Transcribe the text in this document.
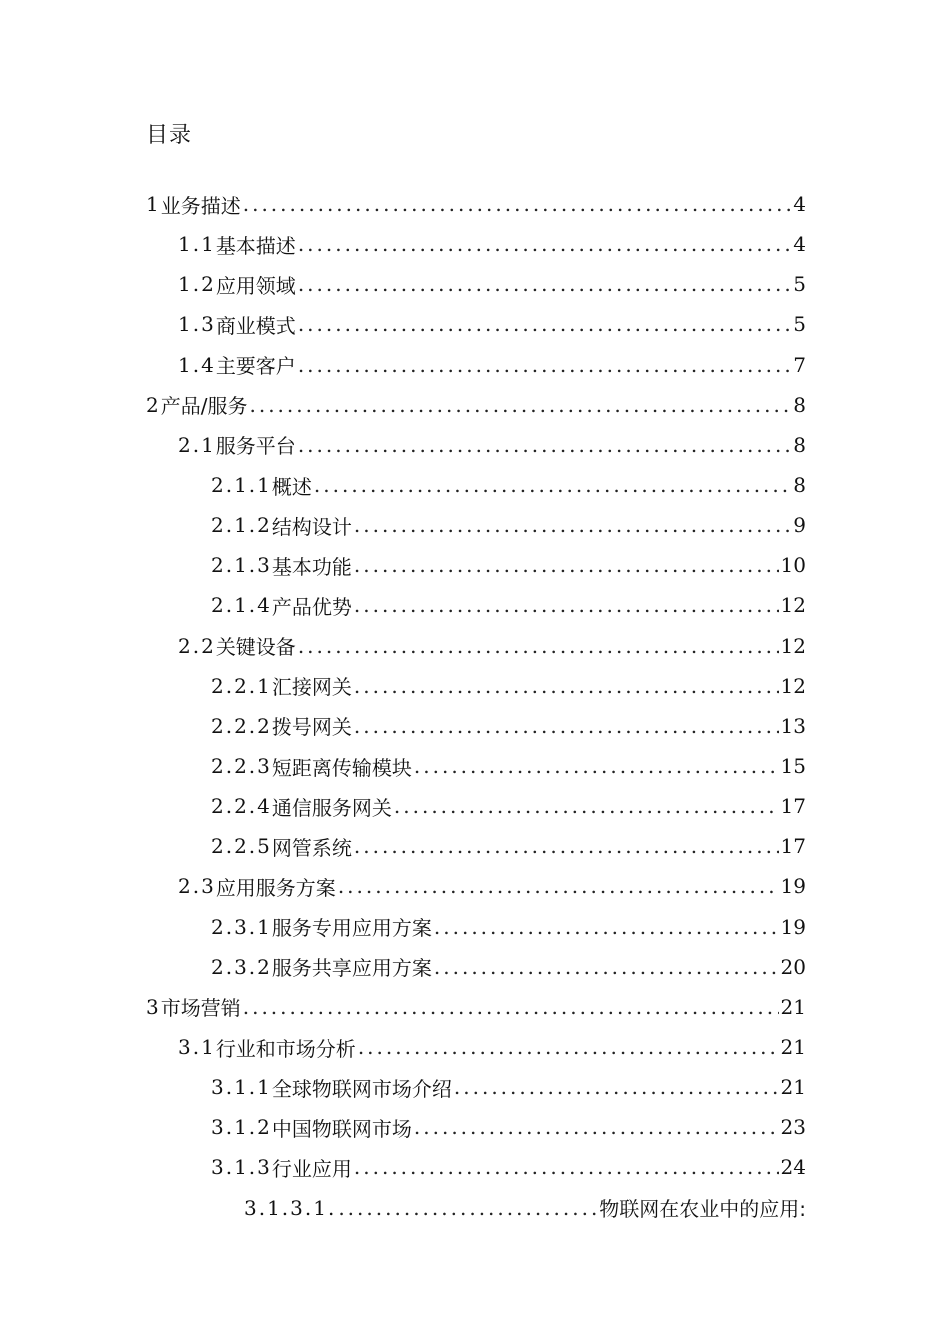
目录
1 业务描述 .....	4
1.1 基本描述 .....	4
1.2 应用领域 .....	5
1.3 商业模式 .....	5
1.4 主要客户 .....	7
2 产品/服务 .....	8
2.1 服务平台 .....	8
2.1.1 概述 .....	8
2.1.2 结构设计 .....	9
2.1.3 基本功能 .....	10
2.1.4 产品优势 .....	12
2.2 关键设备 .....	12
2.2.1 汇接网关 .....	12
2.2.2 拨号网关 .....	13
2.2.3 短距离传输模块 .....	15
2.2.4 通信服务网关 .....	17
2.2.5 网管系统 .....	17
2.3 应用服务方案 .....	19
2.3.1 服务专用应用方案 .....	19
2.3.2 服务共享应用方案 .....	20
3 市场营销 .....	21
3.1 行业和市场分析 .....	21
3.1.1 全球物联网市场介绍 .....	21
3.1.2 中国物联网市场 .....	23
3.1.3 行业应用 .....	24
3.1.3.1. .....	物联网在农业中的应用:
